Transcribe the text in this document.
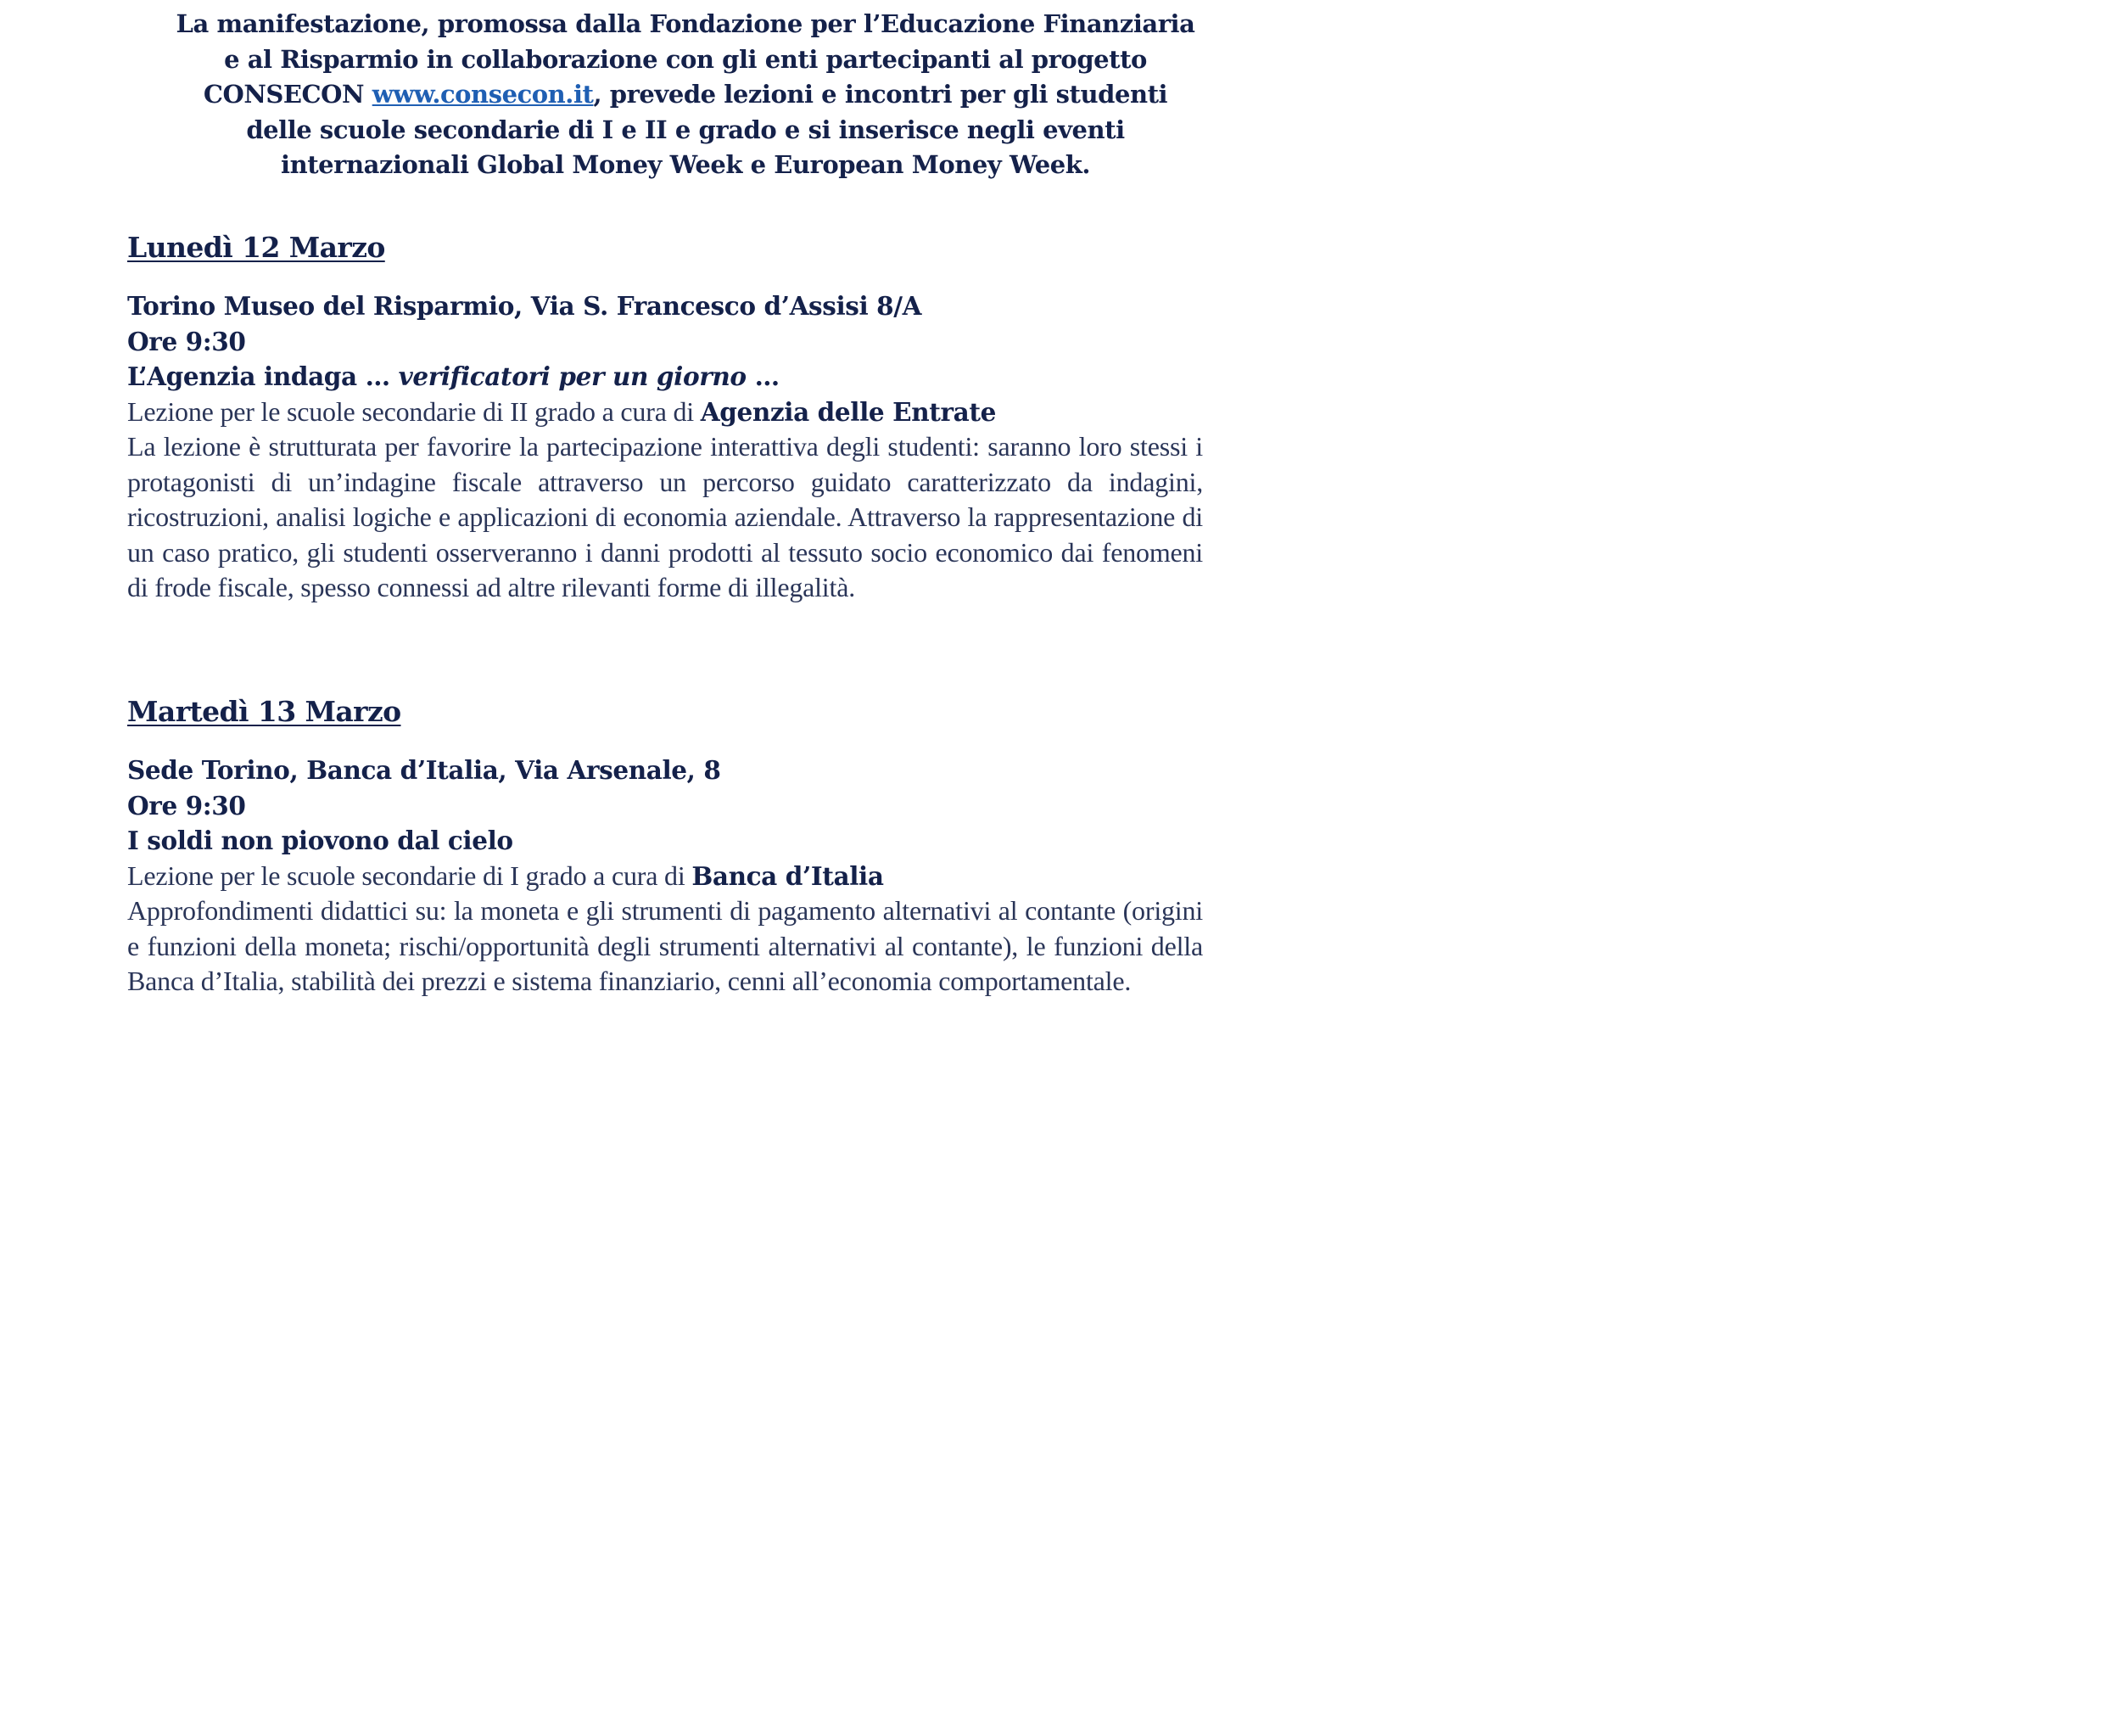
La manifestazione, promossa dalla Fondazione per l’Educazione Finanziaria
e al Risparmio in collaborazione con gli enti partecipanti al progetto
CONSECON www.consecon.it, prevede lezioni e incontri per gli studenti
delle scuole secondarie di I e II e grado e si inserisce negli eventi
internazionali Global Money Week e European Money Week.
Lunedì 12 Marzo
Torino Museo del Risparmio, Via S. Francesco d’Assisi 8/A
Ore 9:30
L’Agenzia indaga … verificatori per un giorno …
Lezione per le scuole secondarie di II grado a cura di Agenzia delle Entrate
La lezione è strutturata per favorire la partecipazione interattiva degli studenti: saranno loro stessi i protagonisti di un’indagine fiscale attraverso un percorso guidato caratterizzato da indagini, ricostruzioni, analisi logiche e applicazioni di economia aziendale. Attraverso la rappresentazione di un caso pratico, gli studenti osserveranno i danni prodotti al tessuto socio economico dai fenomeni di frode fiscale, spesso connessi ad altre rilevanti forme di illegalità.
Martedì 13 Marzo
Sede Torino, Banca d’Italia, Via Arsenale, 8
Ore 9:30
I soldi non piovono dal cielo
Lezione per le scuole secondarie di I grado a cura di Banca d’Italia
Approfondimenti didattici su: la moneta e gli strumenti di pagamento alternativi al contante (origini e funzioni della moneta; rischi/opportunità degli strumenti alternativi al contante), le funzioni della Banca d’Italia, stabilità dei prezzi e sistema finanziario, cenni all’economia comportamentale.
